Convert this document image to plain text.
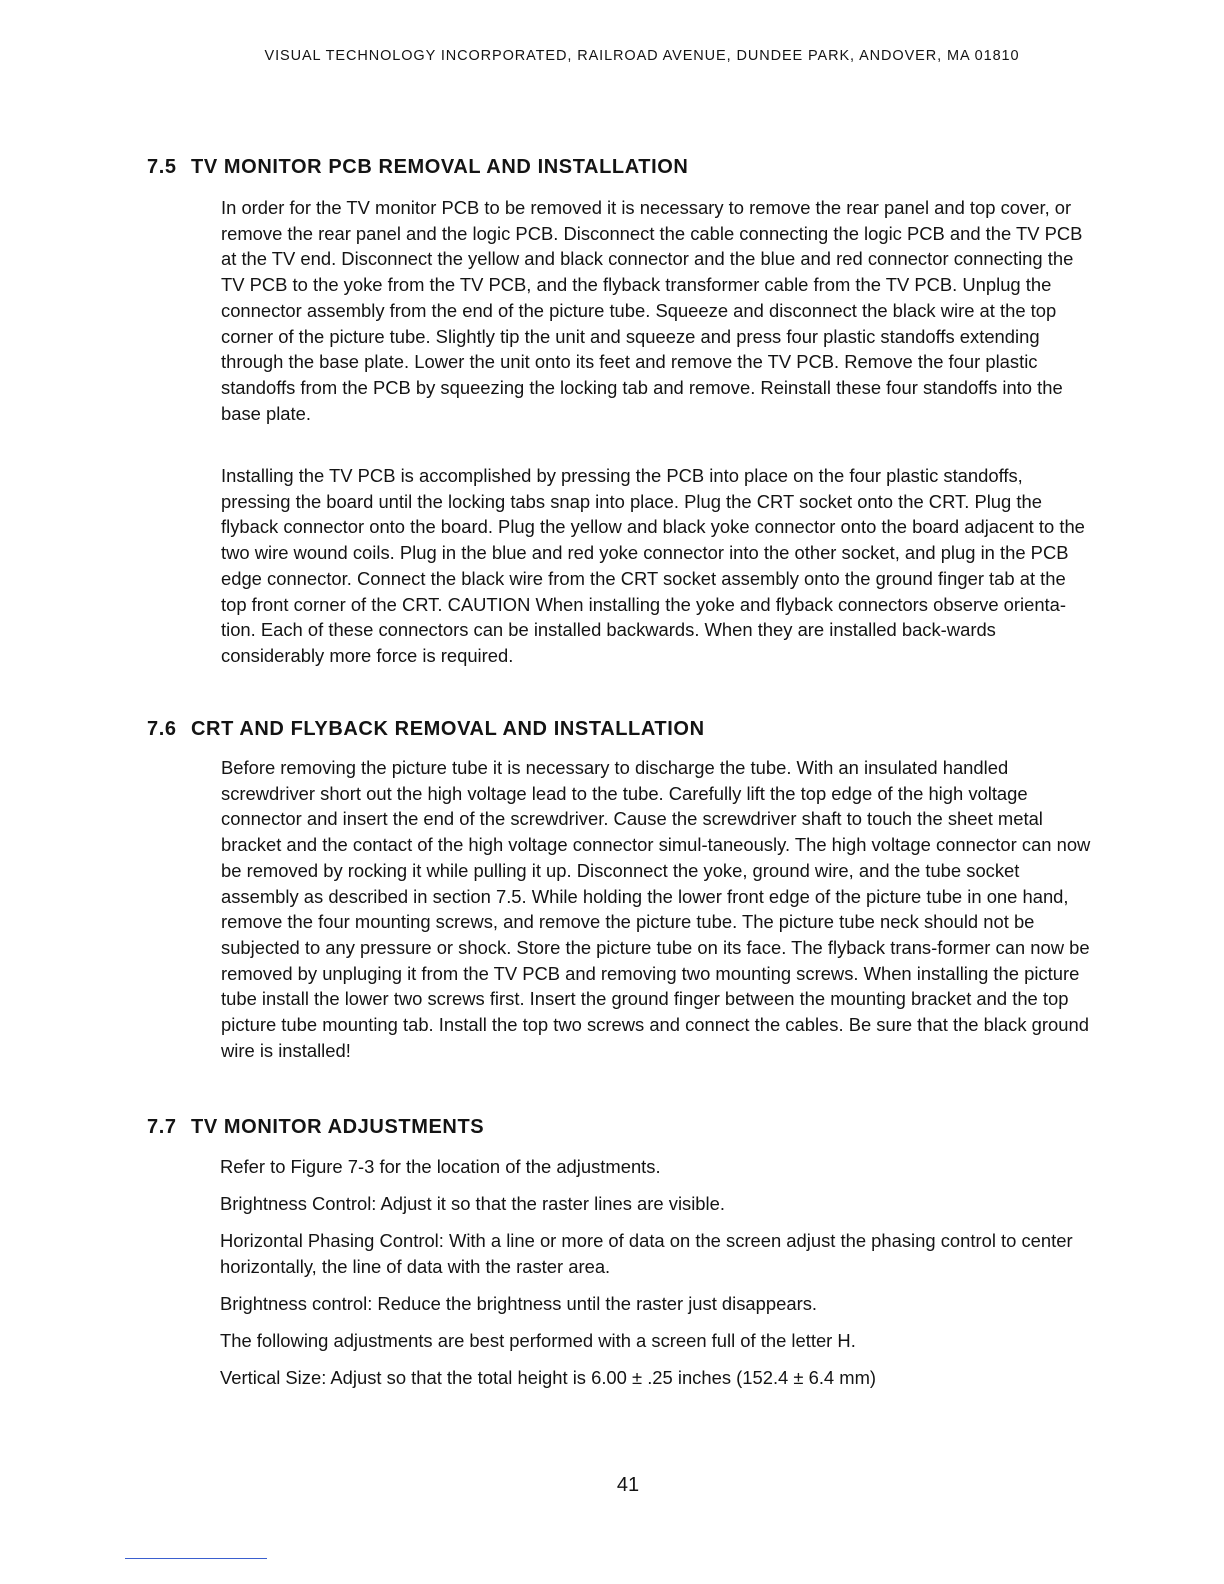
VISUAL TECHNOLOGY INCORPORATED, RAILROAD AVENUE, DUNDEE PARK, ANDOVER, MA 01810
7.5 TV MONITOR PCB REMOVAL AND INSTALLATION

In order for the TV monitor PCB to be removed it is necessary to remove the rear panel and top cover, or remove the rear panel and the logic PCB. Disconnect the cable connecting the logic PCB and the TV PCB at the TV end. Disconnect the yellow and black connector and the blue and red connector connecting the TV PCB to the yoke from the TV PCB, and the flyback transformer cable from the TV PCB. Unplug the connector assembly from the end of the picture tube. Squeeze and disconnect the black wire at the top corner of the picture tube. Slightly tip the unit and squeeze and press four plastic standoffs extending through the base plate. Lower the unit onto its feet and remove the TV PCB. Remove the four plastic standoffs from the PCB by squeezing the locking tab and remove. Reinstall these four standoffs into the base plate.

Installing the TV PCB is accomplished by pressing the PCB into place on the four plastic standoffs, pressing the board until the locking tabs snap into place. Plug the CRT socket onto the CRT. Plug the flyback connector onto the board. Plug the yellow and black yoke connector onto the board adjacent to the two wire wound coils. Plug in the blue and red yoke connector into the other socket, and plug in the PCB edge connector. Connect the black wire from the CRT socket assembly onto the ground finger tab at the top front corner of the CRT. CAUTION When installing the yoke and flyback connectors observe orienta-tion. Each of these connectors can be installed backwards. When they are installed back-wards considerably more force is required.

7.6 CRT AND FLYBACK REMOVAL AND INSTALLATION

Before removing the picture tube it is necessary to discharge the tube. With an insulated handled screwdriver short out the high voltage lead to the tube. Carefully lift the top edge of the high voltage connector and insert the end of the screwdriver. Cause the screwdriver shaft to touch the sheet metal bracket and the contact of the high voltage connector simul-taneously. The high voltage connector can now be removed by rocking it while pulling it up. Disconnect the yoke, ground wire, and the tube socket assembly as described in section 7.5. While holding the lower front edge of the picture tube in one hand, remove the four mounting screws, and remove the picture tube. The picture tube neck should not be subjected to any pressure or shock. Store the picture tube on its face. The flyback trans-former can now be removed by unpluging it from the TV PCB and removing two mounting screws. When installing the picture tube install the lower two screws first. Insert the ground finger between the mounting bracket and the top picture tube mounting tab. Install the top two screws and connect the cables. Be sure that the black ground wire is installed!

7.7 TV MONITOR ADJUSTMENTS

Refer to Figure 7-3 for the location of the adjustments.

Brightness Control: Adjust it so that the raster lines are visible.

Horizontal Phasing Control: With a line or more of data on the screen adjust the phasing control to center horizontally, the line of data with the raster area.

Brightness control: Reduce the brightness until the raster just disappears.

The following adjustments are best performed with a screen full of the letter H.

Vertical Size: Adjust so that the total height is 6.00 ± .25 inches (152.4 ± 6.4 mm)

41
